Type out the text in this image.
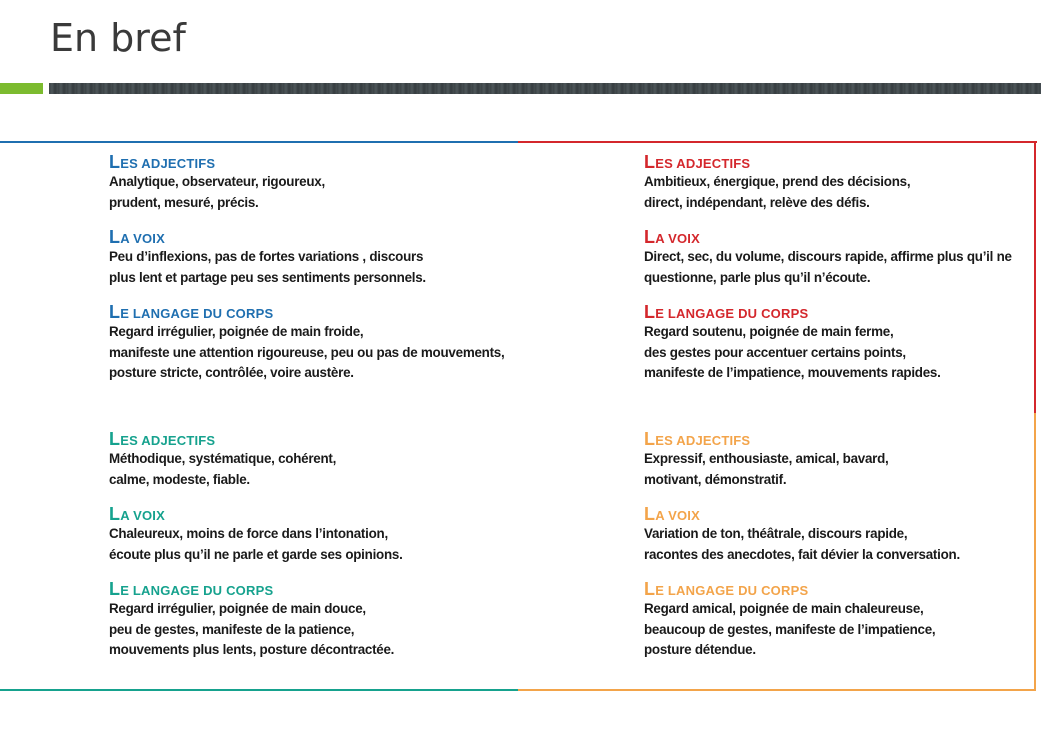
En bref
LES ADJECTIFS
Analytique, observateur, rigoureux,
prudent, mesuré, précis.
LA VOIX
Peu d’inflexions, pas de fortes variations , discours
plus lent et partage peu ses sentiments personnels.
LE LANGAGE DU CORPS
Regard irrégulier, poignée de main froide,
manifeste une attention rigoureuse, peu ou pas de mouvements,
posture stricte, contrôlée, voire austère.
LES ADJECTIFS
Ambitieux, énergique, prend des décisions,
direct, indépendant, relève des défis.
LA VOIX
Direct, sec, du volume, discours rapide, affirme plus qu’il ne
questionne, parle plus qu’il n’écoute.
LE LANGAGE DU CORPS
Regard soutenu, poignée de main ferme,
des gestes pour accentuer certains points,
manifeste de l’impatience, mouvements rapides.
LES ADJECTIFS
Méthodique, systématique, cohérent,
calme, modeste, fiable.
LA VOIX
Chaleureux, moins de force dans l’intonation,
écoute plus qu’il ne parle et garde ses opinions.
LE LANGAGE DU CORPS
Regard irrégulier, poignée de main douce,
peu de gestes, manifeste de la patience,
mouvements plus lents, posture décontractée.
LES ADJECTIFS
Expressif, enthousiaste, amical, bavard,
motivant, démonstratif.
LA VOIX
Variation de ton, théâtrale, discours rapide,
racontes des anecdotes, fait dévier la conversation.
LE LANGAGE DU CORPS
Regard amical, poignée de main chaleureuse,
beaucoup de gestes, manifeste de l’impatience,
posture détendue.
